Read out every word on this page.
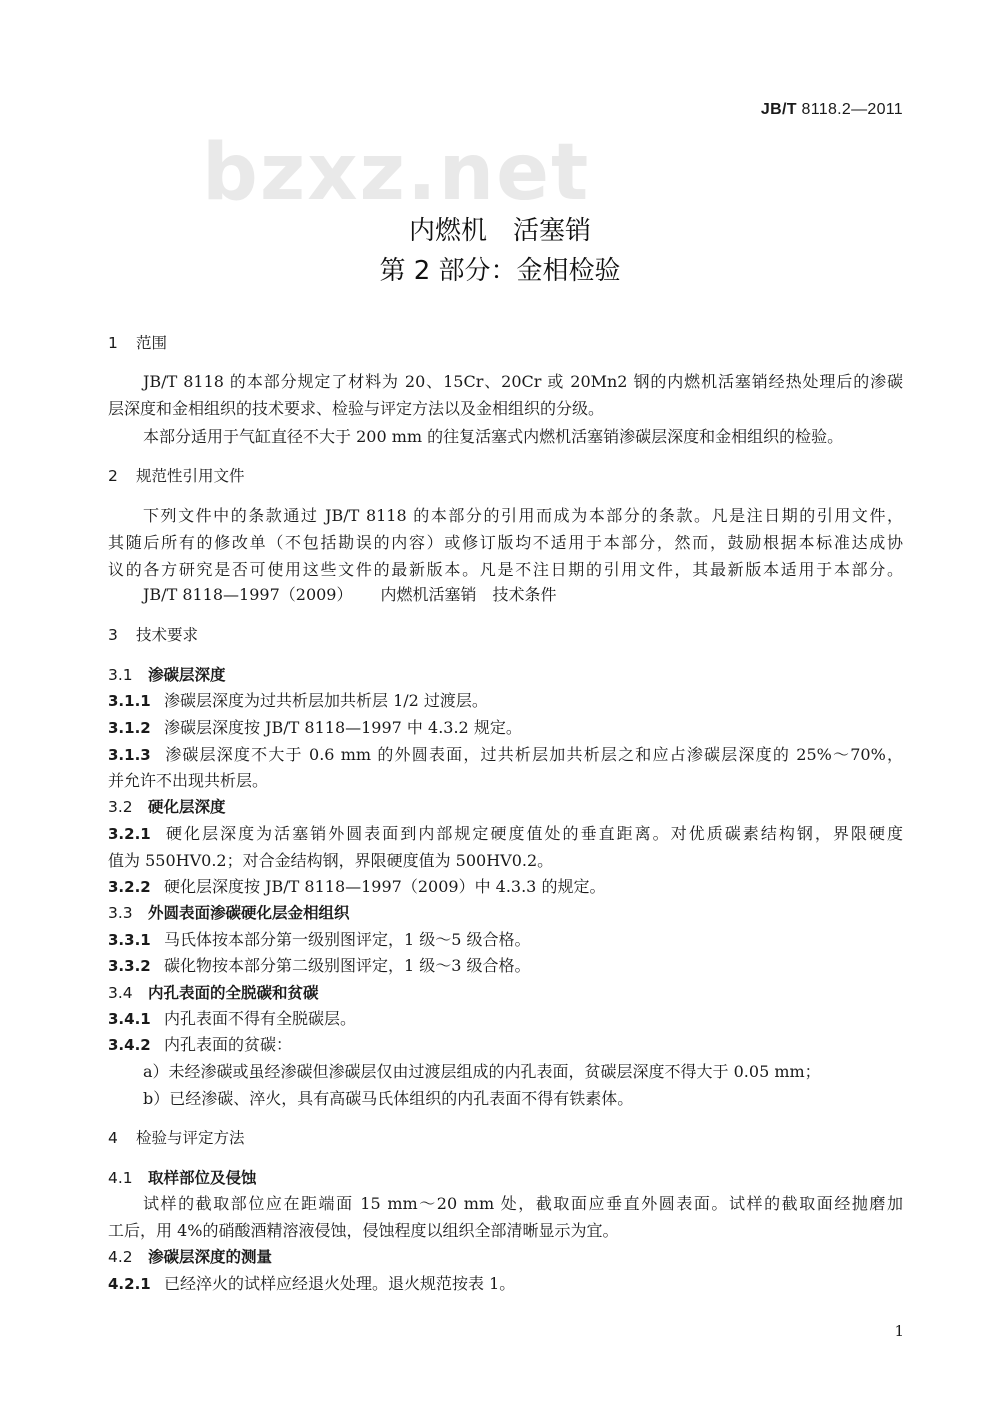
JB/T 8118.2—2011
bzxz.net
内燃机 活塞销
第 2 部分：金相检验
1 范围
JB/T 8118 的本部分规定了材料为 20、15Cr、20Cr 或 20Mn2 钢的内燃机活塞销经热处理后的渗碳
层深度和金相组织的技术要求、检验与评定方法以及金相组织的分级。
本部分适用于气缸直径不大于 200 mm 的往复活塞式内燃机活塞销渗碳层深度和金相组织的检验。
2 规范性引用文件
下列文件中的条款通过 JB/T 8118 的本部分的引用而成为本部分的条款。凡是注日期的引用文件，
其随后所有的修改单（不包括勘误的内容）或修订版均不适用于本部分，然而，鼓励根据本标准达成协
议的各方研究是否可使用这些文件的最新版本。凡是不注日期的引用文件，其最新版本适用于本部分。
JB/T 8118—1997（2009） 内燃机活塞销　技术条件
3 技术要求
3.1 渗碳层深度
3.1.1 渗碳层深度为过共析层加共析层 1/2 过渡层。
3.1.2 渗碳层深度按 JB/T 8118—1997 中 4.3.2 规定。
3.1.3 渗碳层深度不大于 0.6 mm 的外圆表面，过共析层加共析层之和应占渗碳层深度的 25%～70%，
并允许不出现共析层。
3.2 硬化层深度
3.2.1 硬化层深度为活塞销外圆表面到内部规定硬度值处的垂直距离。对优质碳素结构钢，界限硬度
值为 550HV0.2；对合金结构钢，界限硬度值为 500HV0.2。
3.2.2 硬化层深度按 JB/T 8118—1997（2009）中 4.3.3 的规定。
3.3 外圆表面渗碳硬化层金相组织
3.3.1 马氏体按本部分第一级别图评定，1 级～5 级合格。
3.3.2 碳化物按本部分第二级别图评定，1 级～3 级合格。
3.4 内孔表面的全脱碳和贫碳
3.4.1 内孔表面不得有全脱碳层。
3.4.2 内孔表面的贫碳：
a）未经渗碳或虽经渗碳但渗碳层仅由过渡层组成的内孔表面，贫碳层深度不得大于 0.05 mm；
b）已经渗碳、淬火，具有高碳马氏体组织的内孔表面不得有铁素体。
4 检验与评定方法
4.1 取样部位及侵蚀
试样的截取部位应在距端面 15 mm～20 mm 处，截取面应垂直外圆表面。试样的截取面经抛磨加
工后，用 4%的硝酸酒精溶液侵蚀，侵蚀程度以组织全部清晰显示为宜。
4.2 渗碳层深度的测量
4.2.1 已经淬火的试样应经退火处理。退火规范按表 1。
1
